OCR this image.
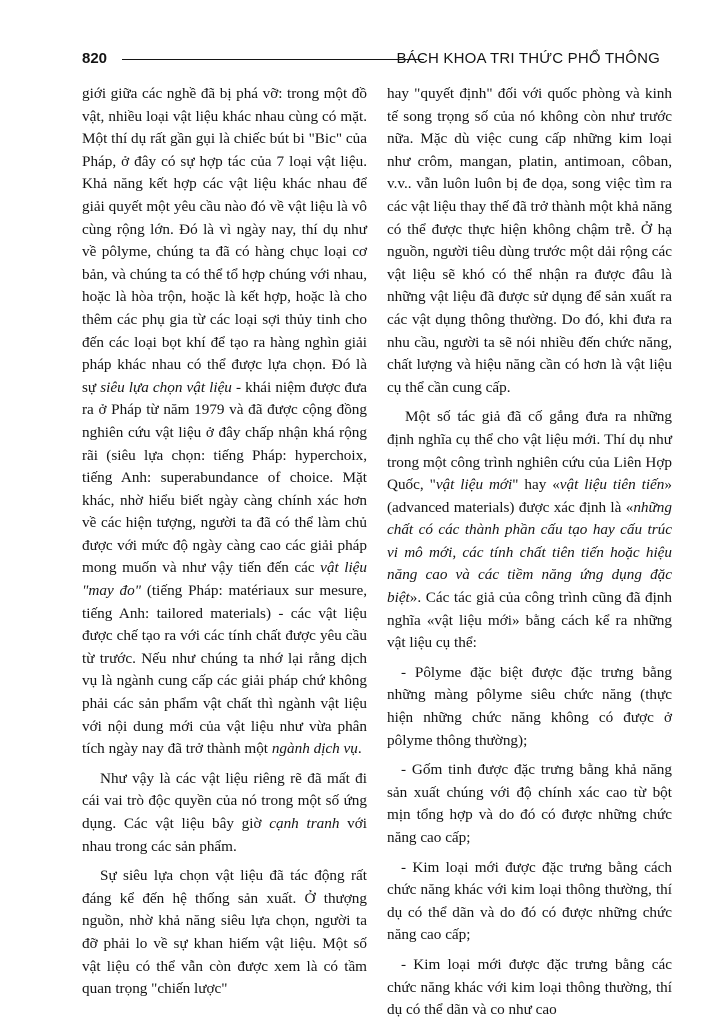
820	BÁCH KHOA TRI THỨC PHỔ THÔNG

giới giữa các nghề đã bị phá vỡ: trong một đồ vật, nhiều loại vật liệu khác nhau cùng có mặt. Một thí dụ rất gần gụi là chiếc bút bi "Bic" của Pháp, ở đây có sự hợp tác của 7 loại vật liệu. Khả năng kết hợp các vật liệu khác nhau để giải quyết một yêu cầu nào đó về vật liệu là vô cùng rộng lớn. Đó là vì ngày nay, thí dụ như về pôlyme, chúng ta đã có hàng chục loại cơ bản, và chúng ta có thể tổ hợp chúng với nhau, hoặc là hòa trộn, hoặc là kết hợp, hoặc là cho thêm các phụ gia từ các loại sợi thủy tinh cho đến các loại bọt khí để tạo ra hàng nghìn giải pháp khác nhau có thể được lựa chọn. Đó là sự siêu lựa chọn vật liệu - khái niệm được đưa ra ở Pháp từ năm 1979 và đã được cộng đồng nghiên cứu vật liệu ở đây chấp nhận khá rộng rãi (siêu lựa chọn: tiếng Pháp: hyperchoix, tiếng Anh: superabundance of choice. Mặt khác, nhờ hiểu biết ngày càng chính xác hơn về các hiện tượng, người ta đã có thể làm chủ được với mức độ ngày càng cao các giải pháp mong muốn và như vậy tiến đến các vật liệu "may đo" (tiếng Pháp: matériaux sur mesure, tiếng Anh: tailored materials) - các vật liệu được chế tạo ra với các tính chất được yêu cầu từ trước. Nếu như chúng ta nhớ lại rằng dịch vụ là ngành cung cấp các giải pháp chứ không phải các sản phẩm vật chất thì ngành vật liệu với nội dung mới của vật liệu như vừa phân tích ngày nay đã trở thành một ngành dịch vụ.

Như vậy là các vật liệu riêng rẽ đã mất đi cái vai trò độc quyền của nó trong một số ứng dụng. Các vật liệu bây giờ cạnh tranh với nhau trong các sản phẩm.

Sự siêu lựa chọn vật liệu đã tác động rất đáng kể đến hệ thống sản xuất. Ở thượng nguồn, nhờ khả năng siêu lựa chọn, người ta đỡ phải lo về sự khan hiếm vật liệu. Một số vật liệu có thể vẫn còn được xem là có tầm quan trọng "chiến lược"

hay "quyết định" đối với quốc phòng và kinh tế song trọng số của nó không còn như trước nữa. Mặc dù việc cung cấp những kim loại như crôm, mangan, platin, antimoan, côban, v.v.. vẫn luôn luôn bị đe dọa, song việc tìm ra các vật liệu thay thế đã trở thành một khả năng có thể được thực hiện không chậm trễ. Ở hạ nguồn, người tiêu dùng trước một dải rộng các vật liệu sẽ khó có thể nhận ra được đâu là những vật liệu đã được sử dụng để sản xuất ra các vật dụng thông thường. Do đó, khi đưa ra nhu cầu, người ta sẽ nói nhiều đến chức năng, chất lượng và hiệu năng cần có hơn là vật liệu cụ thể cần cung cấp.

Một số tác giả đã cố gắng đưa ra những định nghĩa cụ thể cho vật liệu mới. Thí dụ như trong một công trình nghiên cứu của Liên Hợp Quốc, "vật liệu mới" hay «vật liệu tiên tiến» (advanced materials) được xác định là «những chất có các thành phần cấu tạo hay cấu trúc vi mô mới, các tính chất tiên tiến hoặc hiệu năng cao và các tiềm năng ứng dụng đặc biệt». Các tác giả của công trình cũng đã định nghĩa «vật liệu mới» bằng cách kể ra những vật liệu cụ thể:

- Pôlyme đặc biệt được đặc trưng bằng những màng pôlyme siêu chức năng (thực hiện những chức năng không có được ở pôlyme thông thường);

- Gốm tinh được đặc trưng bằng khả năng sản xuất chúng với độ chính xác cao từ bột mịn tổng hợp và do đó có được những chức năng cao cấp;

- Kim loại mới được đặc trưng bằng cách chức năng khác với kim loại thông thường, thí dụ có thể dãn và do đó có được những chức năng cao cấp;

- Kim loại mới được đặc trưng bằng các chức năng khác với kim loại thông thường, thí dụ có thể dãn và co như cao
